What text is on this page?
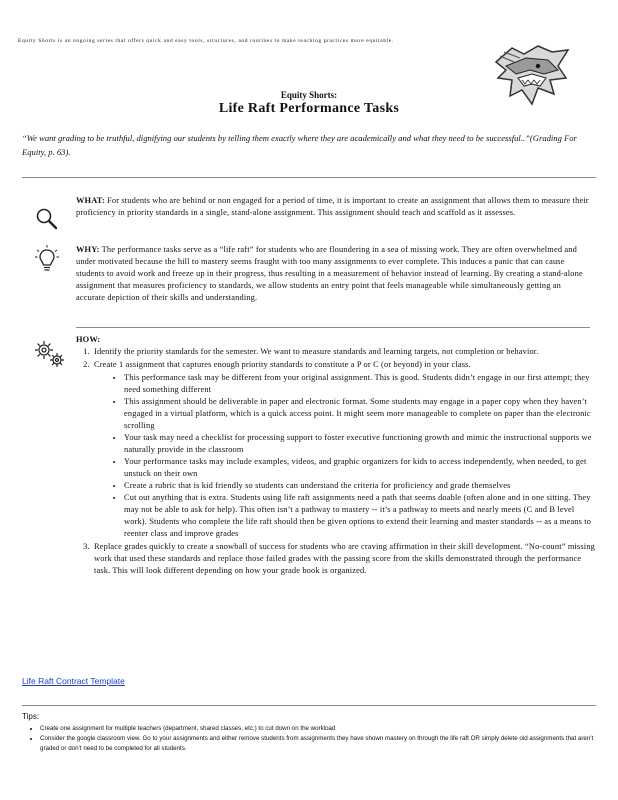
Equity Shorts is an ongoing series that offers quick and easy tools, structures, and routines to make teaching practices more equitable.
Equity Shorts:
Life Raft Performance Tasks
“We want grading to be truthful, dignifying our students by telling them exactly where they are academically and what they need to be successful..”(Grading For Equity, p. 63).
WHAT: For students who are behind or non engaged for a period of time, it is important to create an assignment that allows them to measure their proficiency in priority standards in a single, stand-alone assignment. This assignment should teach and scaffold as it assesses.
WHY: The performance tasks serve as a “life raft” for students who are floundering in a sea of missing work. They are often overwhelmed and under motivated because the hill to mastery seems fraught with too many assignments to ever complete. This induces a panic that can cause students to avoid work and freeze up in their progress, thus resulting in a measurement of behavior instead of learning. By creating a stand-alone assignment that measures proficiency to standards, we allow students an entry point that feels manageable while simultaneously getting an accurate depiction of their skills and understanding.
HOW:
1. Identify the priority standards for the semester. We want to measure standards and learning targets, not completion or behavior.
2. Create 1 assignment that captures enough priority standards to constitute a P or C (or beyond) in your class.
• This performance task may be different from your original assignment. This is good. Students didn’t engage in our first attempt; they need something different
• This assignment should be deliverable in paper and electronic format. Some students may engage in a paper copy when they haven’t engaged in a virtual platform, which is a quick access point. It might seem more manageable to complete on paper than the electronic scrolling
• Your task may need a checklist for processing support to foster executive functioning growth and mimic the instructional supports we naturally provide in the classroom
• Your performance tasks may include examples, videos, and graphic organizers for kids to access independently, when needed, to get unstuck on their own
• Create a rubric that is kid friendly so students can understand the criteria for proficiency and grade themselves
• Cut out anything that is extra. Students using life raft assignments need a path that seems doable (often alone and in one sitting. They may not be able to ask for help). This often isn’t a pathway to mastery -- it’s a pathway to meets and nearly meets (C and B level work). Students who complete the life raft should then be given options to extend their learning and master standards -- as a means to reenter class and improve grades
3. Replace grades quickly to create a snowball of success for students who are craving affirmation in their skill development. “No-count” missing work that used these standards and replace those failed grades with the passing score from the skills demonstrated through the performance task. This will look different depending on how your grade book is organized.
Life Raft Contract Template
Tips:
• Create one assignment for multiple teachers (department, shared classes, etc.) to cut down on the workload
• Consider the google classroom view. Go to your assignments and either remove students from assignments they have shown mastery on through the life raft OR simply delete old assignments that aren’t graded or don’t need to be completed for all students.
